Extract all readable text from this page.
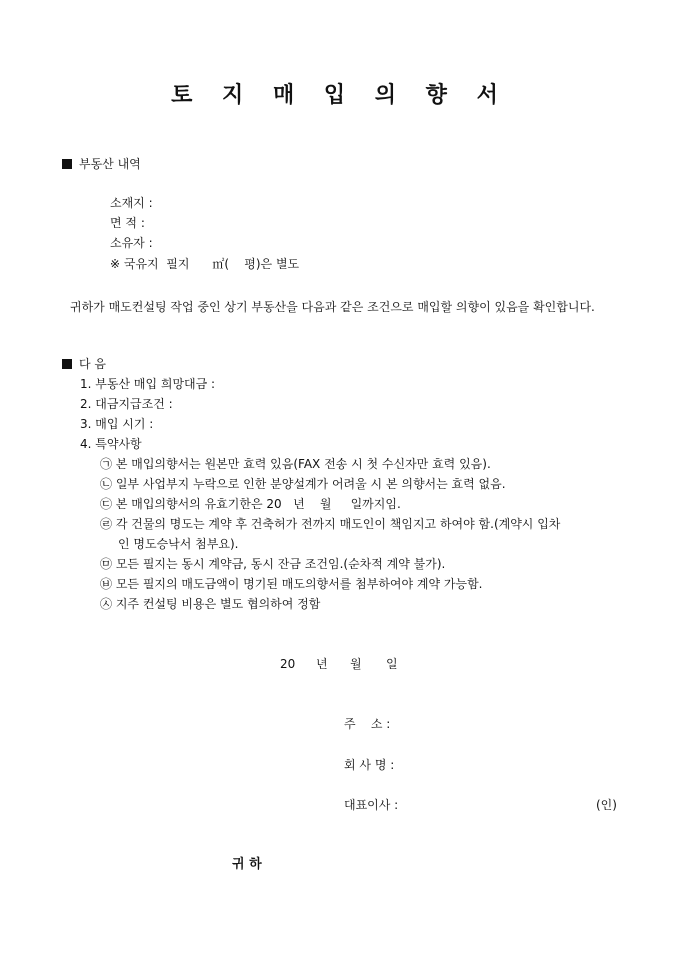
토 지 매 입 의 향 서
부동산 내역
소재지 :
면 적 :
소유자 :
※ 국유지  필지      ㎡(    평)은 별도
귀하가 매도컨설팅 작업 중인 상기 부동산을 다음과 같은 조건으로 매입할 의향이 있음을 확인합니다.
다 음
1. 부동산 매입 희망대금 :
2. 대금지급조건 :
3. 매입 시기 :
4. 특약사항
㉠ 본 매입의향서는 원본만 효력 있음(FAX 전송 시 첫 수신자만 효력 있음).
㉡ 일부 사업부지 누락으로 인한 분양설계가 어려울 시 본 의향서는 효력 없음.
㉢ 본 매입의향서의 유효기한은 20   년    월     일까지임.
㉣ 각 건물의 명도는 계약 후 건축허가 전까지 매도인이 책임지고 하여야 함.(계약시 입차
인 명도승낙서 첨부요).
㉤ 모든 필지는 동시 계약금, 동시 잔금 조건임.(순차적 계약 불가).
㉥ 모든 필지의 매도금액이 명기된 매도의향서를 첨부하여야 계약 가능함.
㉦ 지주 컨설팅 비용은 별도 협의하여 정함
20 년 월 일
주    소 :
회 사 명 :
대표이사 :	(인)
귀 하
